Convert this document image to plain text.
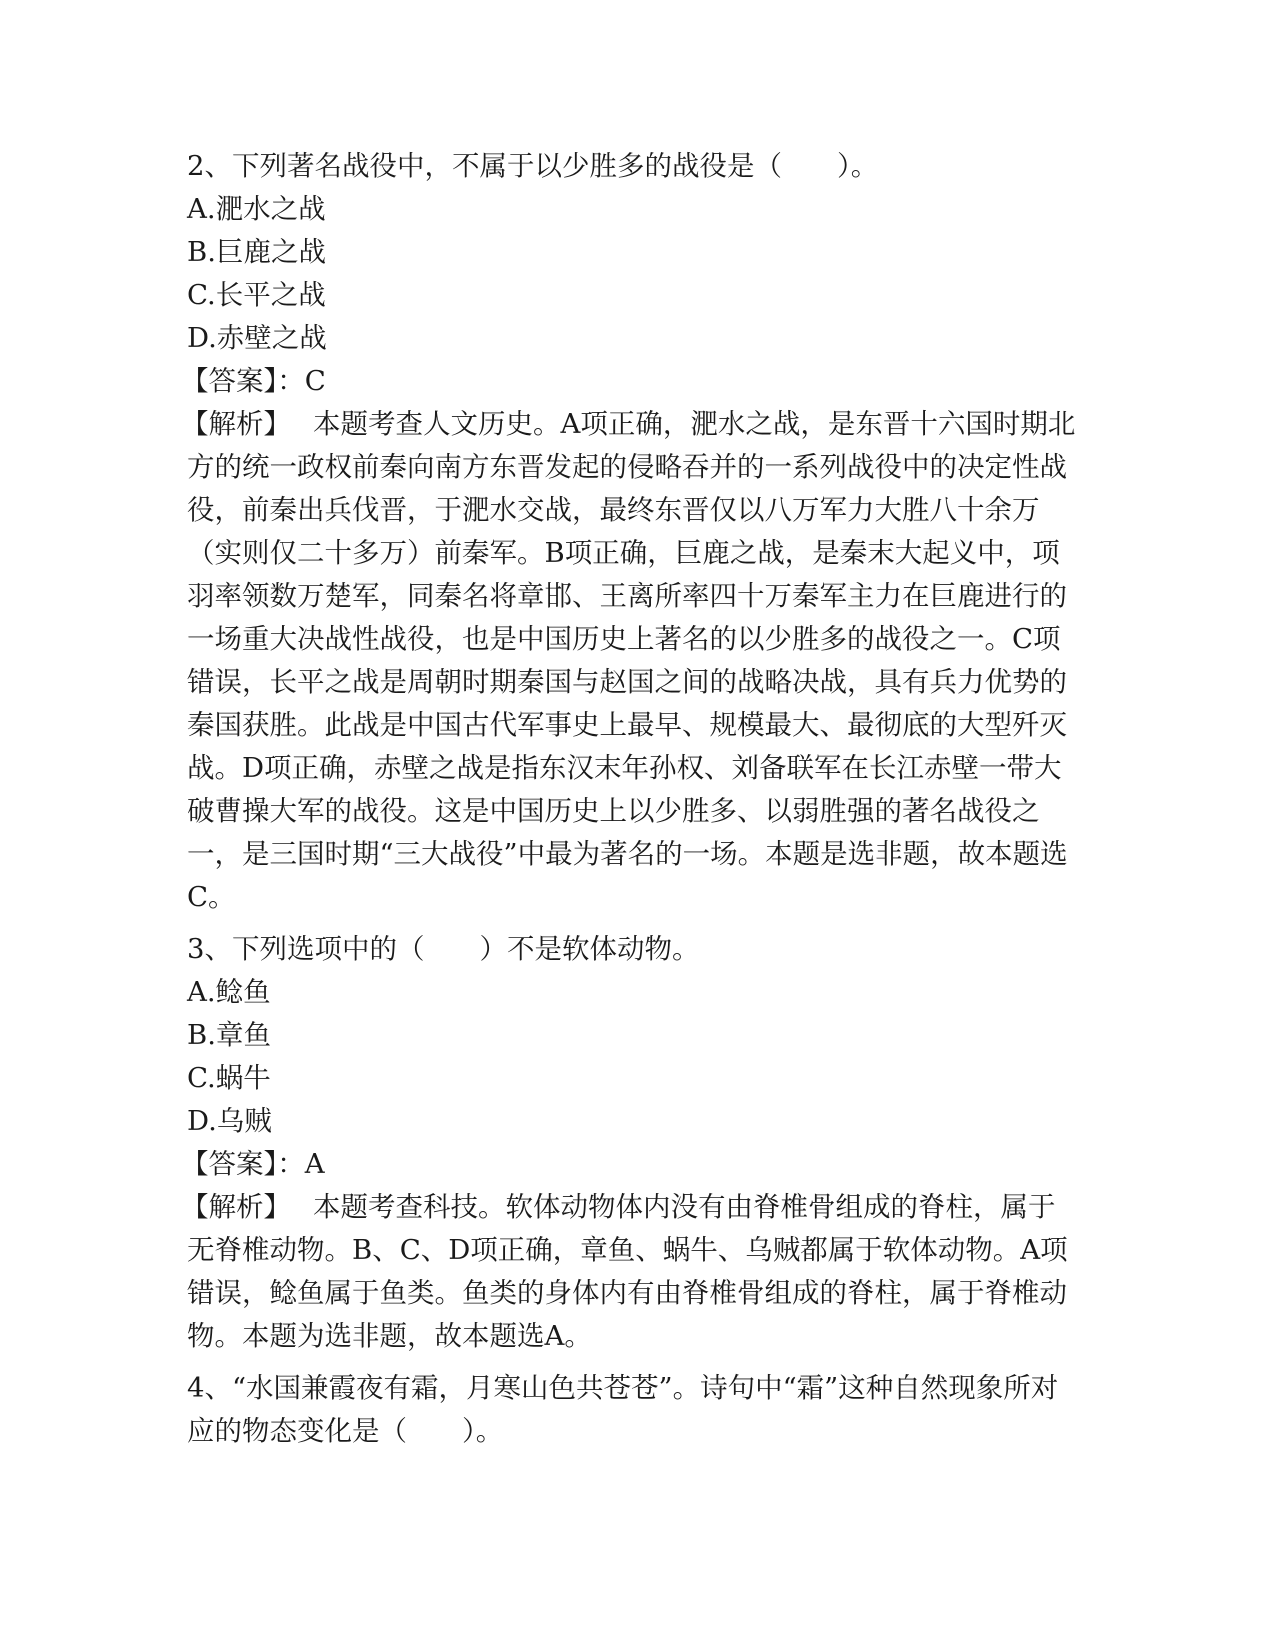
2、下列著名战役中，不属于以少胜多的战役是（　　）。

A.淝水之战

B.巨鹿之战

C.长平之战

D.赤壁之战

【答案】：C

【解析】 本题考查人文历史。A项正确，淝水之战，是东晋十六国时期北方的统一政权前秦向南方东晋发起的侵略吞并的一系列战役中的决定性战役，前秦出兵伐晋，于淝水交战，最终东晋仅以八万军力大胜八十余万（实则仅二十多万）前秦军。B项正确，巨鹿之战，是秦末大起义中，项羽率领数万楚军，同秦名将章邯、王离所率四十万秦军主力在巨鹿进行的一场重大决战性战役，也是中国历史上著名的以少胜多的战役之一。C项错误，长平之战是周朝时期秦国与赵国之间的战略决战，具有兵力优势的秦国获胜。此战是中国古代军事史上最早、规模最大、最彻底的大型歼灭战。D项正确，赤壁之战是指东汉末年孙权、刘备联军在长江赤壁一带大破曹操大军的战役。这是中国历史上以少胜多、以弱胜强的著名战役之一，是三国时期“三大战役”中最为著名的一场。本题是选非题，故本题选C。

3、下列选项中的（　　）不是软体动物。

A.鲶鱼

B.章鱼

C.蜗牛

D.乌贼

【答案】：A

【解析】 本题考查科技。软体动物体内没有由脊椎骨组成的脊柱，属于无脊椎动物。B、C、D项正确，章鱼、蜗牛、乌贼都属于软体动物。A项错误，鲶鱼属于鱼类。鱼类的身体内有由脊椎骨组成的脊柱，属于脊椎动物。本题为选非题，故本题选A。

4、“水国兼霞夜有霜，月寒山色共苍苍”。诗句中“霜”这种自然现象所对应的物态变化是（　　）。
